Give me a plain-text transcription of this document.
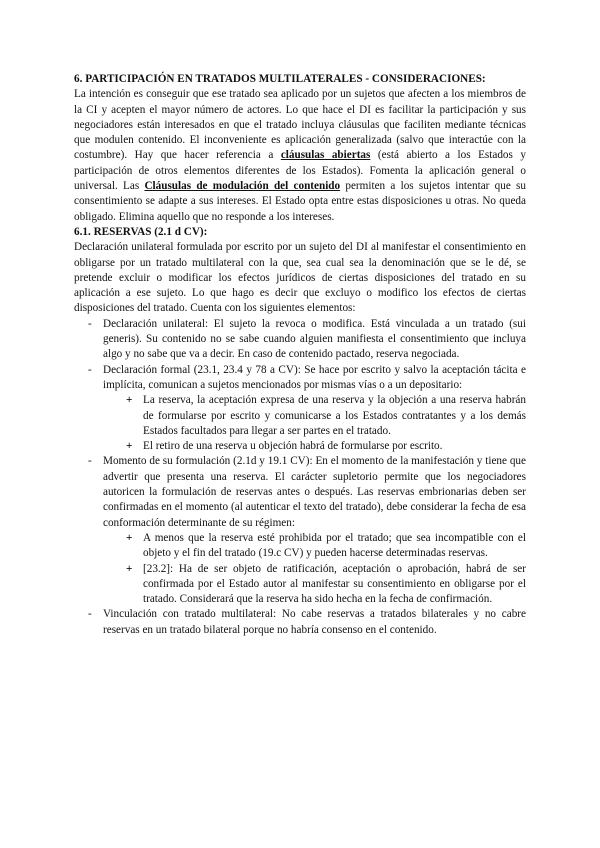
6. PARTICIPACIÓN EN TRATADOS MULTILATERALES - CONSIDERACIONES:

La intención es conseguir que ese tratado sea aplicado por un sujetos que afecten a los miembros de la CI y acepten el mayor número de actores. Lo que hace el DI es facilitar la participación y sus negociadores están interesados en que el tratado incluya cláusulas que faciliten mediante técnicas que modulen contenido. El inconveniente es aplicación generalizada (salvo que interactúe con la costumbre). Hay que hacer referencia a cláusulas abiertas (está abierto a los Estados y participación de otros elementos diferentes de los Estados). Fomenta la aplicación general o universal. Las Cláusulas de modulación del contenido permiten a los sujetos intentar que su consentimiento se adapte a sus intereses. El Estado opta entre estas disposiciones u otras. No queda obligado. Elimina aquello que no responde a los intereses.

6.1. RESERVAS (2.1 d CV):

Declaración unilateral formulada por escrito por un sujeto del DI al manifestar el consentimiento en obligarse por un tratado multilateral con la que, sea cual sea la denominación que se le dé, se pretende excluir o modificar los efectos jurídicos de ciertas disposiciones del tratado en su aplicación a ese sujeto. Lo que hago es decir que excluyo o modifico los efectos de ciertas disposiciones del tratado. Cuenta con los siguientes elementos:

- Declaración unilateral: El sujeto la revoca o modifica. Está vinculada a un tratado (sui generis). Su contenido no se sabe cuando alguien manifiesta el consentimiento que incluya algo y no sabe que va a decir. En caso de contenido pactado, reserva negociada.
- Declaración formal (23.1, 23.4 y 78 a CV): Se hace por escrito y salvo la aceptación tácita e implícita, comunican a sujetos mencionados por mismas vías o a un depositario:
+ La reserva, la aceptación expresa de una reserva y la objeción a una reserva habrán de formularse por escrito y comunicarse a los Estados contratantes y a los demás Estados facultados para llegar a ser partes en el tratado.
+ El retiro de una reserva u objeción habrá de formularse por escrito.
- Momento de su formulación (2.1d y 19.1 CV): En el momento de la manifestación y tiene que advertir que presenta una reserva. El carácter supletorio permite que los negociadores autoricen la formulación de reservas antes o después. Las reservas embrionarias deben ser confirmadas en el momento (al autenticar el texto del tratado), debe considerar la fecha de esa conformación determinante de su régimen:
+ A menos que la reserva esté prohibida por el tratado; que sea incompatible con el objeto y el fin del tratado (19.c CV) y pueden hacerse determinadas reservas.
+ [23.2]: Ha de ser objeto de ratificación, aceptación o aprobación, habrá de ser confirmada por el Estado autor al manifestar su consentimiento en obligarse por el tratado. Considerará que la reserva ha sido hecha en la fecha de confirmación.
- Vinculación con tratado multilateral: No cabe reservas a tratados bilaterales y no cabre reservas en un tratado bilateral porque no habría consenso en el contenido.
